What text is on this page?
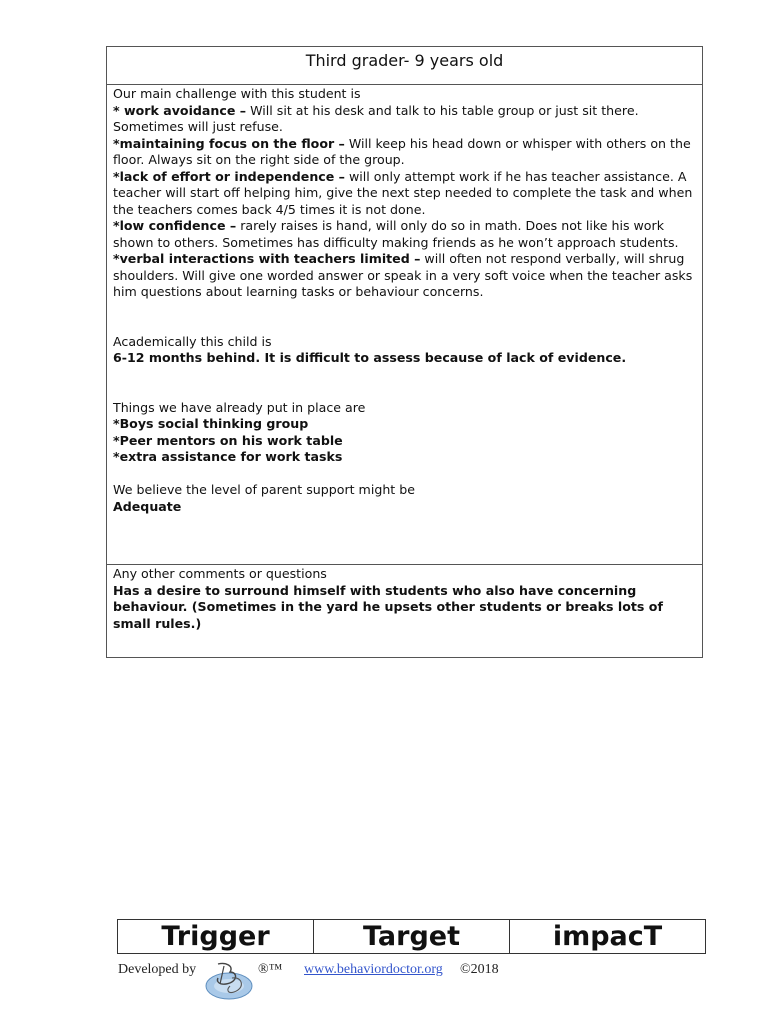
Third grader- 9 years old

Our main challenge with this student is

* work avoidance – Will sit at his desk and talk to his table group or just sit there. Sometimes will just refuse.

*maintaining focus on the floor – Will keep his head down or whisper with others on the floor. Always sit on the right side of the group.

*lack of effort or independence – will only attempt work if he has teacher assistance. A teacher will start off helping him, give the next step needed to complete the task and when the teachers comes back 4/5 times it is not done.

*low confidence – rarely raises is hand, will only do so in math. Does not like his work shown to others. Sometimes has difficulty making friends as he won’t approach students.

*verbal interactions with teachers limited – will often not respond verbally, will shrug shoulders. Will give one worded answer or speak in a very soft voice when the teacher asks him questions about learning tasks or behaviour concerns.

Academically this child is

6-12 months behind. It is difficult to assess because of lack of evidence.

Things we have already put in place are

*Boys social thinking group

*Peer mentors on his work table

*extra assistance for work tasks

We believe the level of parent support might be

Adequate

Any other comments or questions

Has a desire to surround himself with students who also have concerning behaviour. (Sometimes in the yard he upsets other students or breaks lots of small rules.)

Trigger	Target	impacT
Developed by	®™ www.behaviordoctor.org ©2018
